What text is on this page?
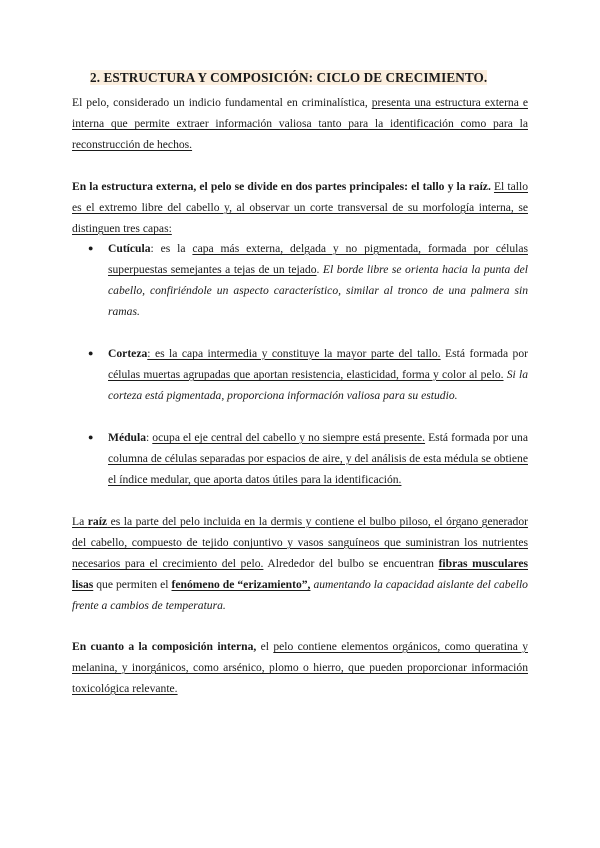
2. ESTRUCTURA Y COMPOSICIÓN: CICLO DE CRECIMIENTO.
El pelo, considerado un indicio fundamental en criminalística, presenta una estructura externa e interna que permite extraer información valiosa tanto para la identificación como para la reconstrucción de hechos.
En la estructura externa, el pelo se divide en dos partes principales: el tallo y la raíz. El tallo es el extremo libre del cabello y, al observar un corte transversal de su morfología interna, se distinguen tres capas:
● Cutícula: es la capa más externa, delgada y no pigmentada, formada por células superpuestas semejantes a tejas de un tejado. El borde libre se orienta hacia la punta del cabello, confiriéndole un aspecto característico, similar al tronco de una palmera sin ramas.
● Corteza: es la capa intermedia y constituye la mayor parte del tallo. Está formada por células muertas agrupadas que aportan resistencia, elasticidad, forma y color al pelo. Si la corteza está pigmentada, proporciona información valiosa para su estudio.
● Médula: ocupa el eje central del cabello y no siempre está presente. Está formada por una columna de células separadas por espacios de aire, y del análisis de esta médula se obtiene el índice medular, que aporta datos útiles para la identificación.
La raíz es la parte del pelo incluida en la dermis y contiene el bulbo piloso, el órgano generador del cabello, compuesto de tejido conjuntivo y vasos sanguíneos que suministran los nutrientes necesarios para el crecimiento del pelo. Alrededor del bulbo se encuentran fibras musculares lisas que permiten el fenómeno de “erizamiento”, aumentando la capacidad aislante del cabello frente a cambios de temperatura.
En cuanto a la composición interna, el pelo contiene elementos orgánicos, como queratina y melanina, y inorgánicos, como arsénico, plomo o hierro, que pueden proporcionar información toxicológica relevante.
